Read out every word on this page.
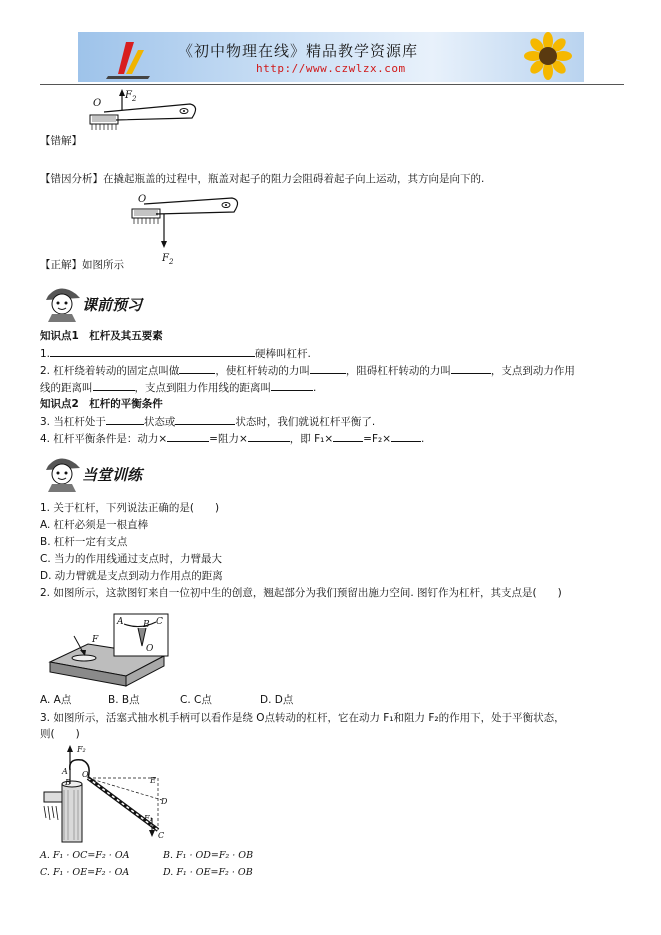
《初中物理在线》精品教学资源库
http://www.czwlzx.com
O
$F_2$
【错解】
【错因分析】在撬起瓶盖的过程中，瓶盖对起子的阻力会阻碍着起子向上运动，其方向是向下的.
O
$F_2$
【正解】如图所示
课前预习
知识点1　杠杆及其五要素
1.	硬棒叫杠杆.
2. 杠杆绕着转动的固定点叫做	，使杠杆转动的力叫	，阻碍杠杆转动的力叫	，支点到动力作用
线的距离叫	，支点到阻力作用线的距离叫	.
知识点2　杠杆的平衡条件
3. 当杠杆处于	状态或	状态时，我们就说杠杆平衡了.
4. 杠杆平衡条件是：动力×	=阻力×	，即 F₁×	=F₂×	.
当堂训练
1. 关于杠杆，下列说法正确的是(　　)
A. 杠杆必须是一根直棒
B. 杠杆一定有支点
C. 当力的作用线通过支点时，力臂最大
D. 动力臂就是支点到动力作用点的距离
2. 如图所示，这款图钉来自一位初中生的创意，翘起部分为我们预留出施力空间. 图钉作为杠杆，其支点是(　　)
F
A B C
O
A. A点	B. B点	C. C点	D. D点
3. 如图所示，活塞式抽水机手柄可以看作是绕 O点转动的杠杆，它在动力 F₁和阻力 F₂的作用下，处于平衡状态，
则(　　)
F₂
A O
B	E
D
F₁
C
A. F₁ · OC=F₂ · OA	B. F₁ · OD=F₂ · OB
C. F₁ · OE=F₂ · OA	D. F₁ · OE=F₂ · OB
